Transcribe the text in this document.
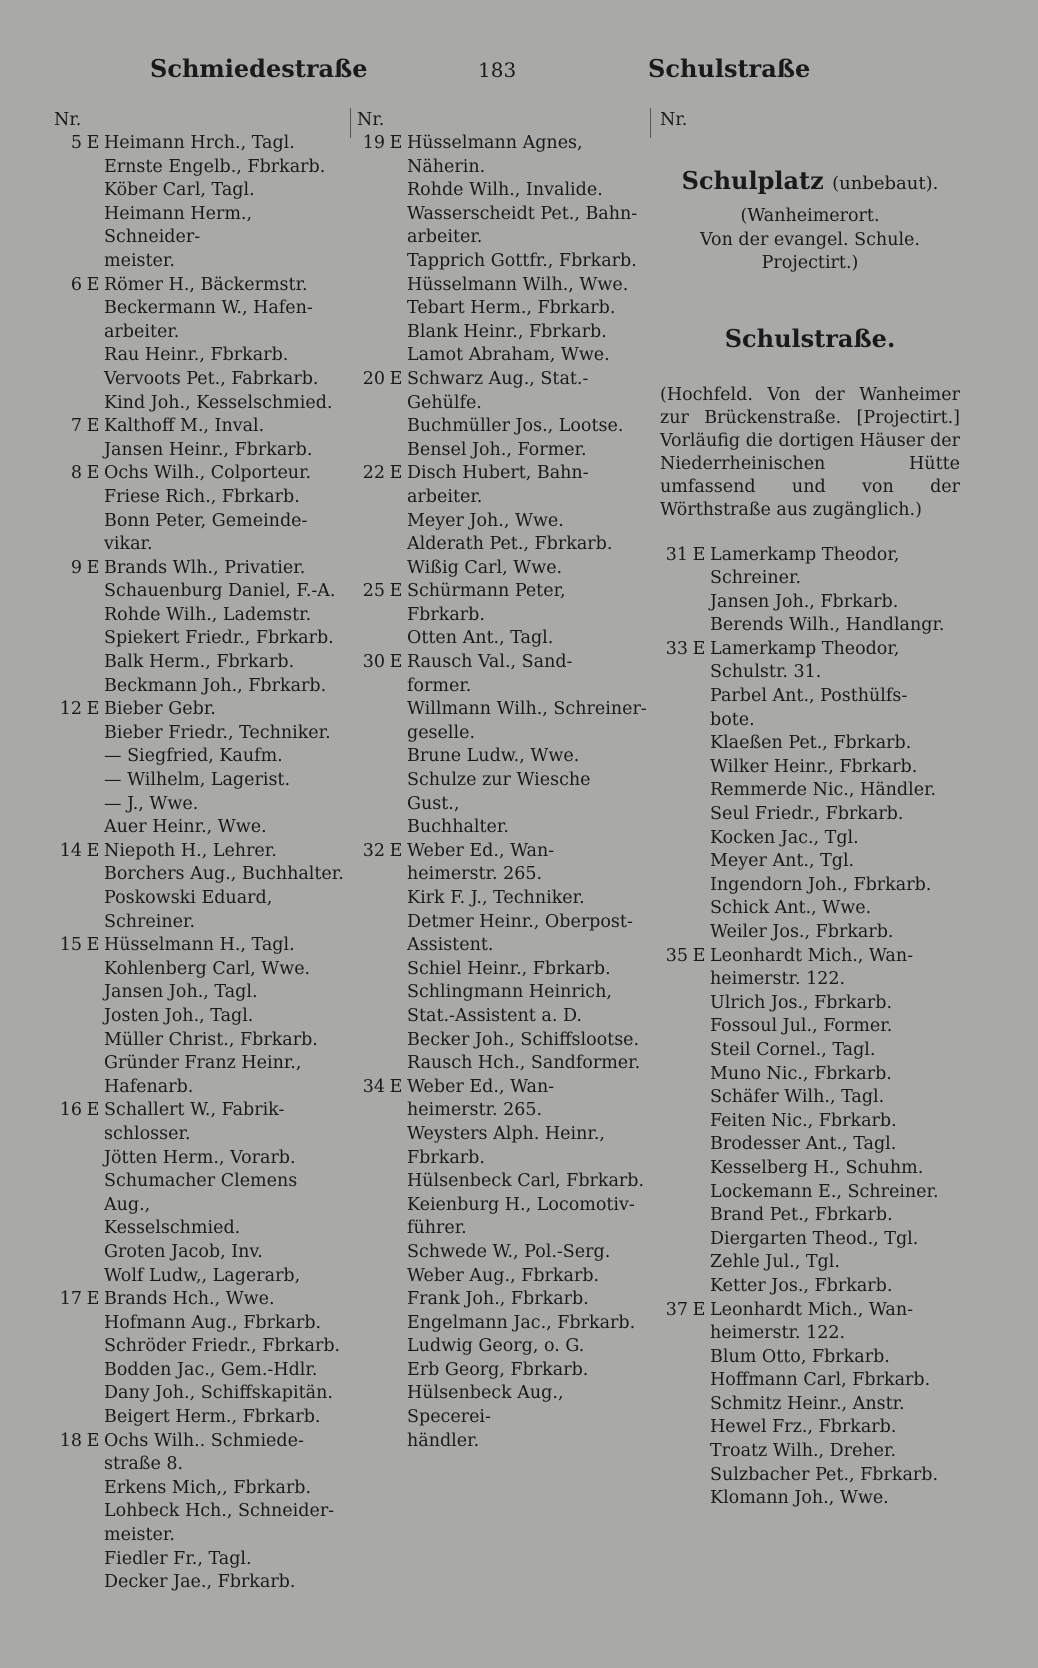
Schmiedestraße	183	Schulstraße
Nr.
5 E Heimann Hrch., Tagl.
Ernste Engelb., Fbrkarb.
Köber Carl, Tagl.
Heimann Herm., Schneider-
meister.
6 E Römer H., Bäckermstr.
Beckermann W., Hafen-
arbeiter.
Rau Heinr., Fbrkarb.
Vervoots Pet., Fabrkarb.
Kind Joh., Kesselschmied.
7 E Kalthoff M., Inval.
Jansen Heinr., Fbrkarb.
8 E Ochs Wilh., Colporteur.
Friese Rich., Fbrkarb.
Bonn Peter, Gemeinde-
vikar.
9 E Brands Wlh., Privatier.
Schauenburg Daniel, F.-A.
Rohde Wilh., Lademstr.
Spiekert Friedr., Fbrkarb.
Balk Herm., Fbrkarb.
Beckmann Joh., Fbrkarb.
12 E Bieber Gebr.
Bieber Friedr., Techniker.
— Siegfried, Kaufm.
— Wilhelm, Lagerist.
— J., Wwe.
Auer Heinr., Wwe.
14 E Niepoth H., Lehrer.
Borchers Aug., Buchhalter.
Poskowski Eduard,
Schreiner.
15 E Hüsselmann H., Tagl.
Kohlenberg Carl, Wwe.
Jansen Joh., Tagl.
Josten Joh., Tagl.
Müller Christ., Fbrkarb.
Gründer Franz Heinr.,
Hafenarb.
16 E Schallert W., Fabrik-
schlosser.
Jötten Herm., Vorarb.
Schumacher Clemens Aug.,
Kesselschmied.
Groten Jacob, Inv.
Wolf Ludw,, Lagerarb,
17 E Brands Hch., Wwe.
Hofmann Aug., Fbrkarb.
Schröder Friedr., Fbrkarb.
Bodden Jac., Gem.-Hdlr.
Dany Joh., Schiffskapitän.
Beigert Herm., Fbrkarb.
18 E Ochs Wilh.. Schmiede-
straße 8.
Erkens Mich,, Fbrkarb.
Lohbeck Hch., Schneider-
meister.
Fiedler Fr., Tagl.
Decker Jae., Fbrkarb.
Nr.
19 E Hüsselmann Agnes,
Näherin.
Rohde Wilh., Invalide.
Wasserscheidt Pet., Bahn-
arbeiter.
Tapprich Gottfr., Fbrkarb.
Hüsselmann Wilh., Wwe.
Tebart Herm., Fbrkarb.
Blank Heinr., Fbrkarb.
Lamot Abraham, Wwe.
20 E Schwarz Aug., Stat.-
Gehülfe.
Buchmüller Jos., Lootse.
Bensel Joh., Former.
22 E Disch Hubert, Bahn-
arbeiter.
Meyer Joh., Wwe.
Alderath Pet., Fbrkarb.
Wißig Carl, Wwe.
25 E Schürmann Peter,
Fbrkarb.
Otten Ant., Tagl.
30 E Rausch Val., Sand-
former.
Willmann Wilh., Schreiner-
geselle.
Brune Ludw., Wwe.
Schulze zur Wiesche Gust.,
Buchhalter.
32 E Weber Ed., Wan-
heimerstr. 265.
Kirk F. J., Techniker.
Detmer Heinr., Oberpost-
Assistent.
Schiel Heinr., Fbrkarb.
Schlingmann Heinrich,
Stat.-Assistent a. D.
Becker Joh., Schiffslootse.
Rausch Hch., Sandformer.
34 E Weber Ed., Wan-
heimerstr. 265.
Weysters Alph. Heinr.,
Fbrkarb.
Hülsenbeck Carl, Fbrkarb.
Keienburg H., Locomotiv-
führer.
Schwede W., Pol.-Serg.
Weber Aug., Fbrkarb.
Frank Joh., Fbrkarb.
Engelmann Jac., Fbrkarb.
Ludwig Georg, o. G.
Erb Georg, Fbrkarb.
Hülsenbeck Aug., Specerei-
händler.
Nr.
Schulplatz (unbebaut).
(Wanheimerort.
Von der evangel. Schule.
Projectirt.)
Schulstraße.
(Hochfeld. Von der Wanheimer zur Brückenstraße. [Projectirt.] Vorläufig die dortigen Häuser der Niederrheinischen Hütte umfassend und von der Wörthstraße aus zugänglich.)
31 E Lamerkamp Theodor,
Schreiner.
Jansen Joh., Fbrkarb.
Berends Wilh., Handlangr.
33 E Lamerkamp Theodor,
Schulstr. 31.
Parbel Ant., Posthülfs-
bote.
Klaeßen Pet., Fbrkarb.
Wilker Heinr., Fbrkarb.
Remmerde Nic., Händler.
Seul Friedr., Fbrkarb.
Kocken Jac., Tgl.
Meyer Ant., Tgl.
Ingendorn Joh., Fbrkarb.
Schick Ant., Wwe.
Weiler Jos., Fbrkarb.
35 E Leonhardt Mich., Wan-
heimerstr. 122.
Ulrich Jos., Fbrkarb.
Fossoul Jul., Former.
Steil Cornel., Tagl.
Muno Nic., Fbrkarb.
Schäfer Wilh., Tagl.
Feiten Nic., Fbrkarb.
Brodesser Ant., Tagl.
Kesselberg H., Schuhm.
Lockemann E., Schreiner.
Brand Pet., Fbrkarb.
Diergarten Theod., Tgl.
Zehle Jul., Tgl.
Ketter Jos., Fbrkarb.
37 E Leonhardt Mich., Wan-
heimerstr. 122.
Blum Otto, Fbrkarb.
Hoffmann Carl, Fbrkarb.
Schmitz Heinr., Anstr.
Hewel Frz., Fbrkarb.
Troatz Wilh., Dreher.
Sulzbacher Pet., Fbrkarb.
Klomann Joh., Wwe.
